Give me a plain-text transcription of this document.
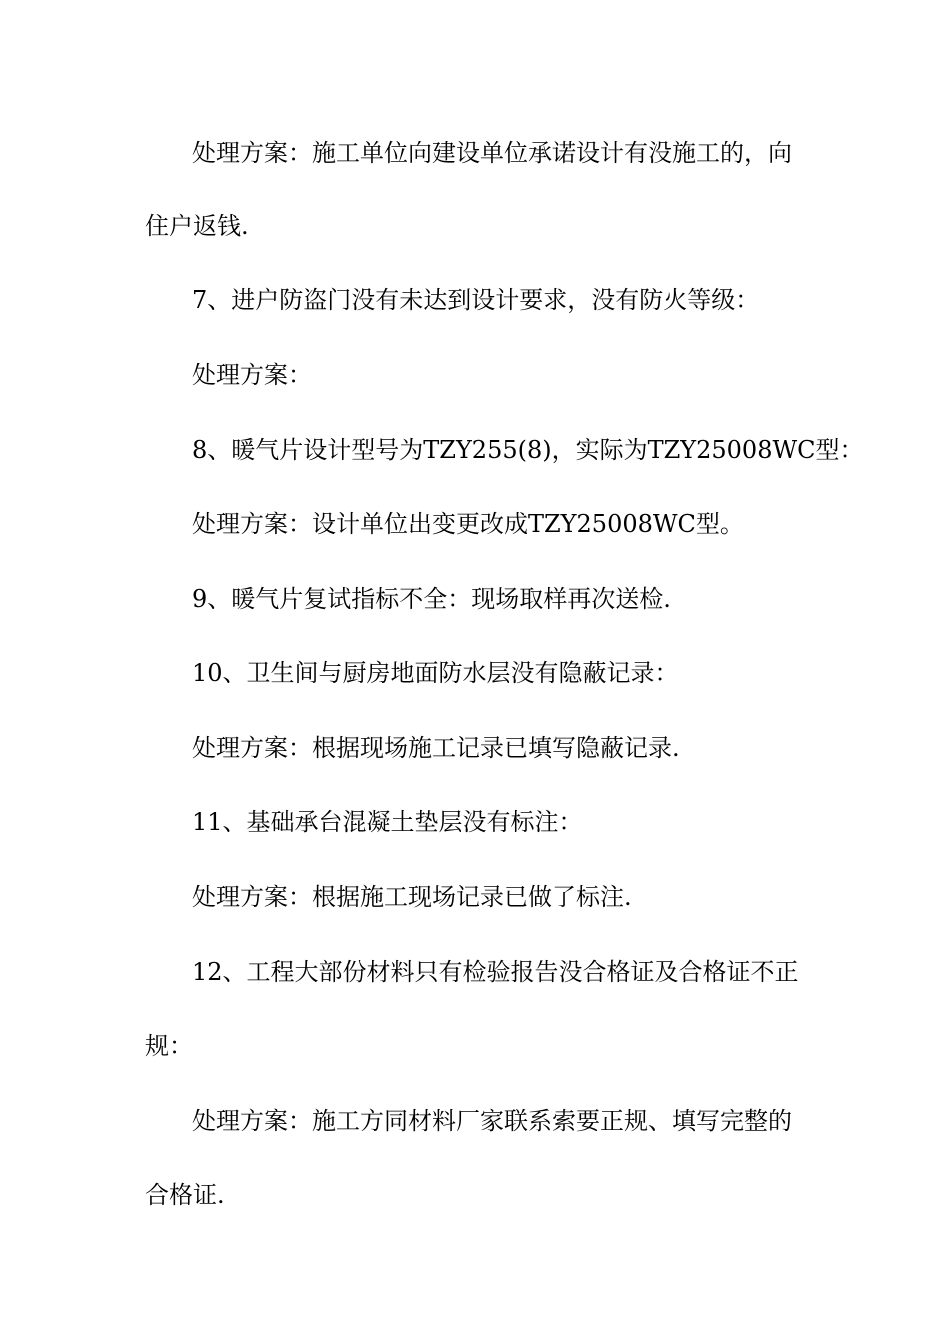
处理方案：施工单位向建设单位承诺设计有没施工的，向
住户返钱.
7、进户防盗门没有未达到设计要求，没有防火等级：
处理方案：
8、暖气片设计型号为TZY255(8)，实际为TZY25008WC型：
处理方案：设计单位出变更改成TZY25008WC型。
9、暖气片复试指标不全：现场取样再次送检.
10、卫生间与厨房地面防水层没有隐蔽记录：
处理方案：根据现场施工记录已填写隐蔽记录.
11、基础承台混凝土垫层没有标注：
处理方案：根据施工现场记录已做了标注.
12、工程大部份材料只有检验报告没合格证及合格证不正
规：
处理方案：施工方同材料厂家联系索要正规、填写完整的
合格证.
